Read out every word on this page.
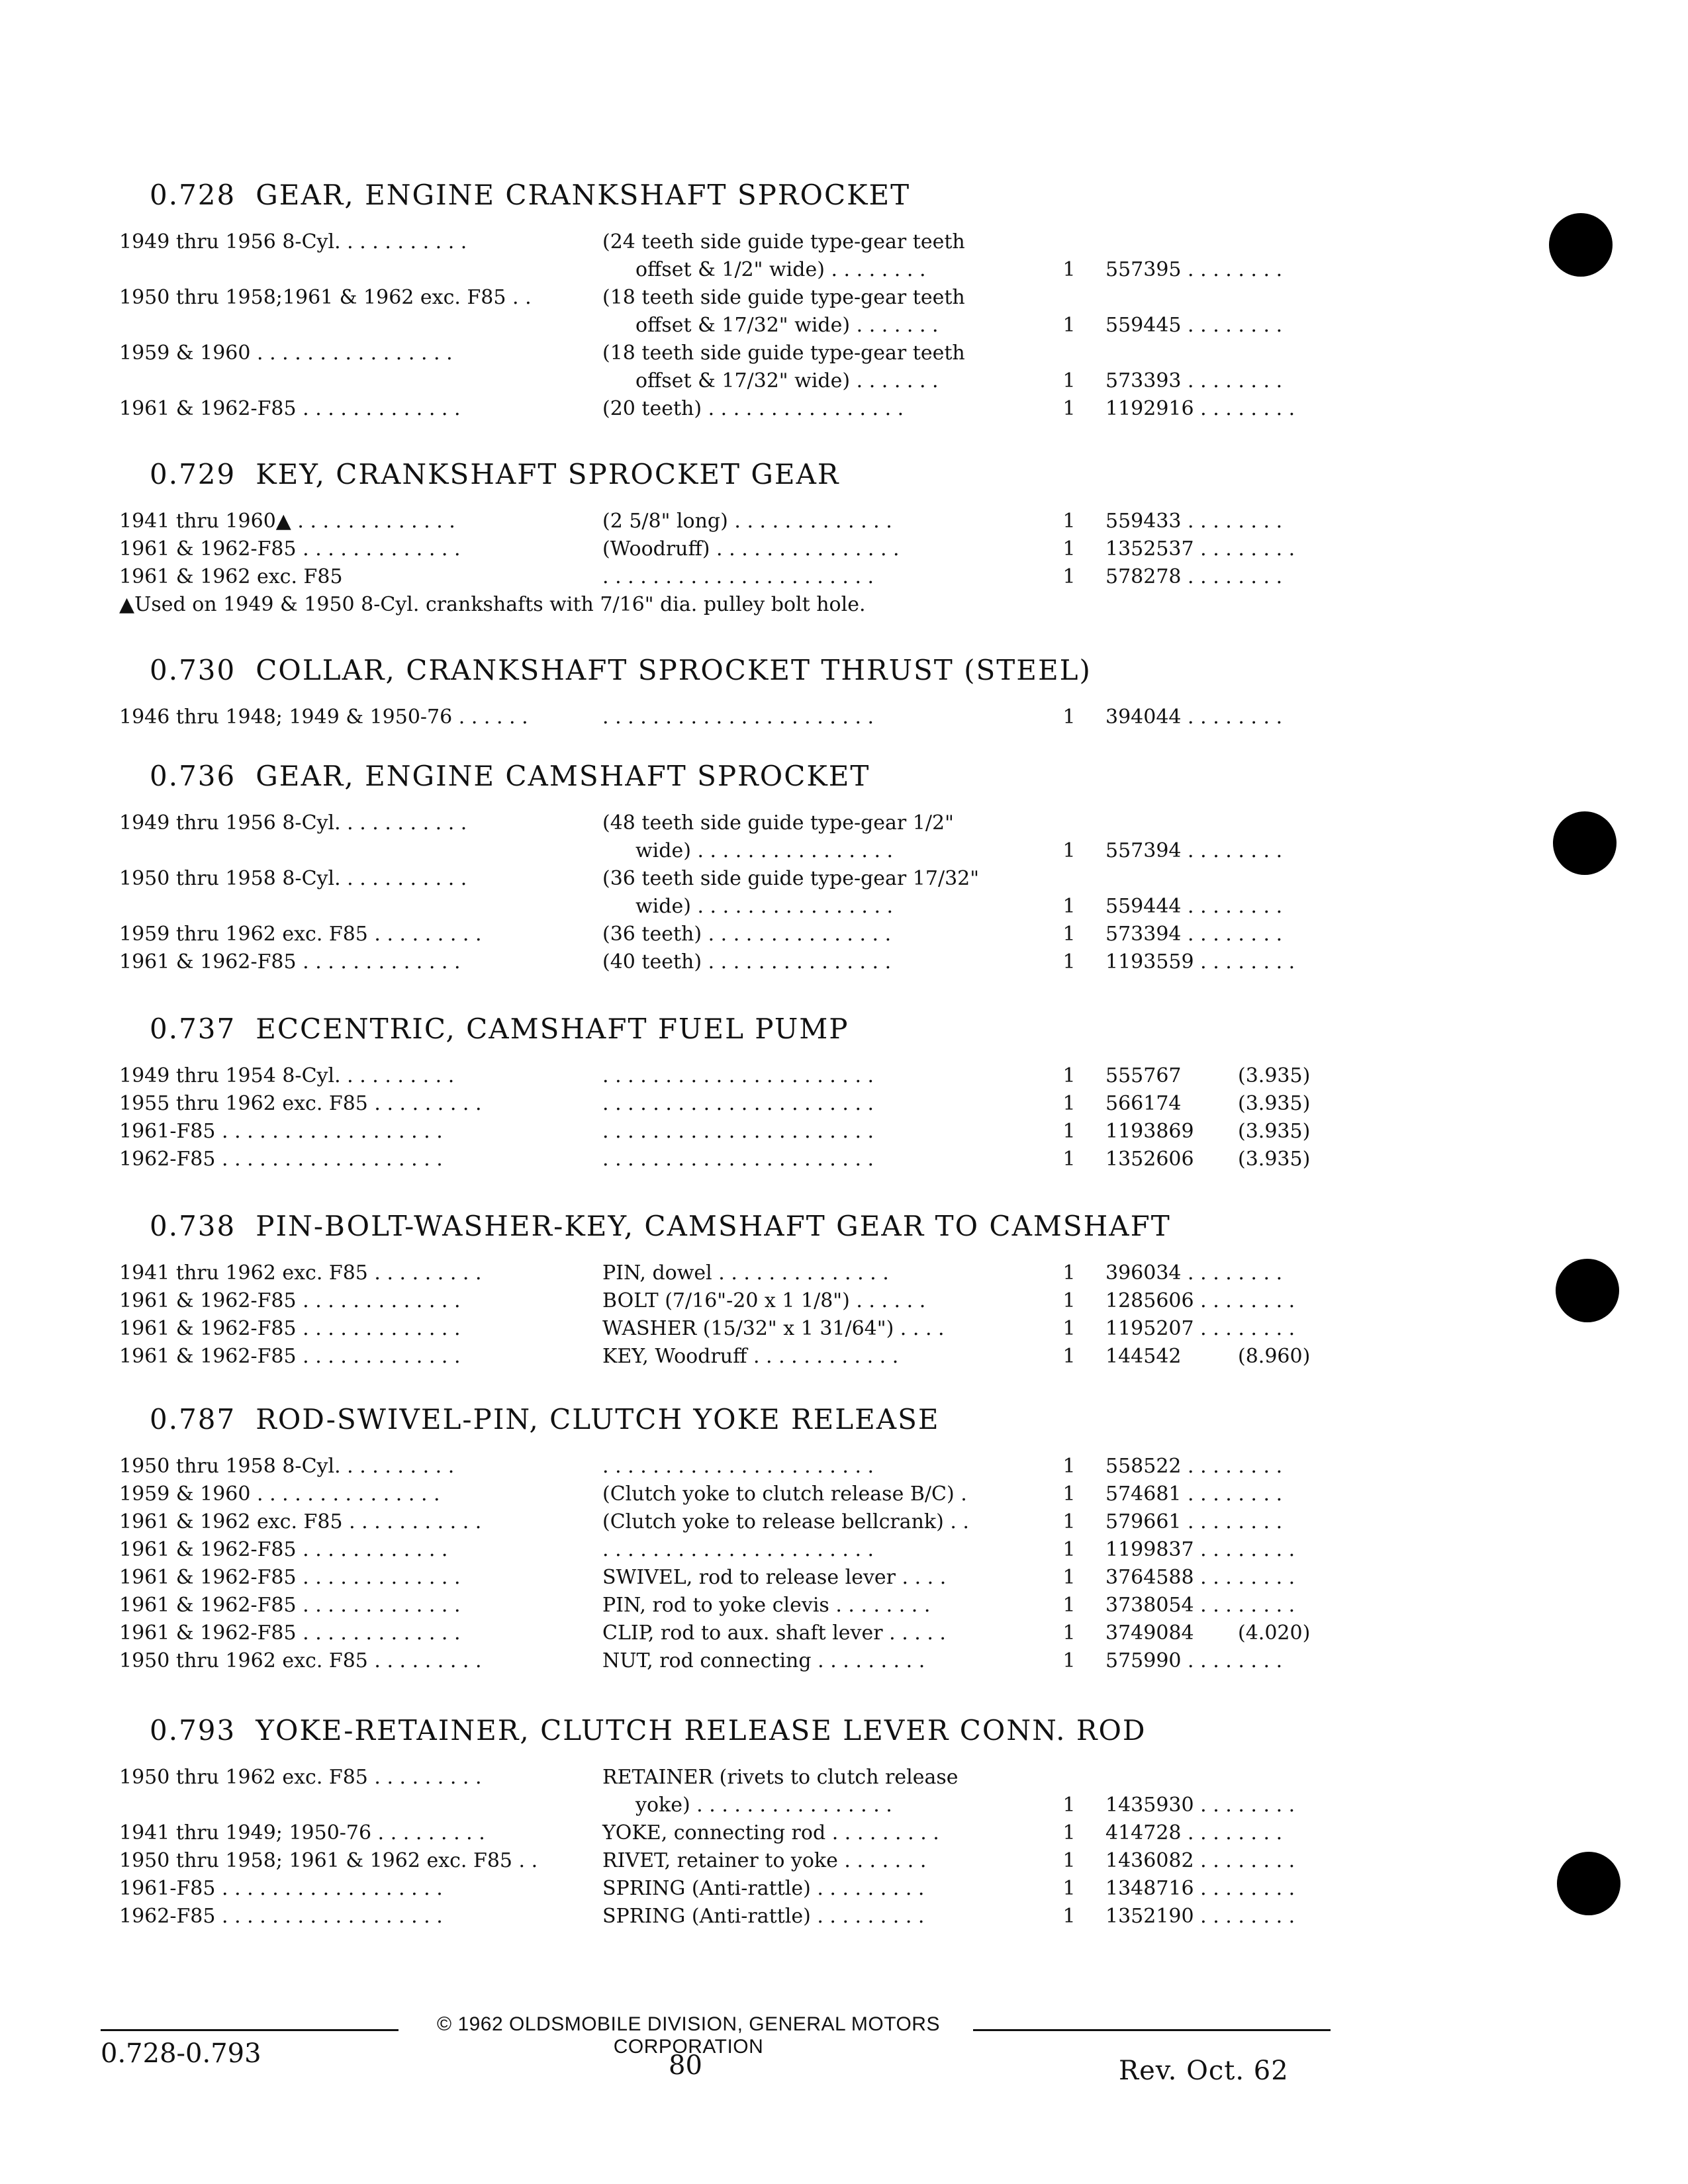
0.728 GEAR, ENGINE CRANKSHAFT SPROCKET
1949 thru 1956 8-Cyl. . . . . . . . . . .	(24 teeth side guide type-gear teeth
offset & 1/2" wide) . . . . . . . .	1	557395 . . . . . . . .
1950 thru 1958;1961 & 1962 exc. F85 . .	(18 teeth side guide type-gear teeth
offset & 17/32" wide) . . . . . . .	1	559445 . . . . . . . .
1959 & 1960 . . . . . . . . . . . . . . . .	(18 teeth side guide type-gear teeth
offset & 17/32" wide) . . . . . . .	1	573393 . . . . . . . .
1961 & 1962-F85 . . . . . . . . . . . . .	(20 teeth) . . . . . . . . . . . . . . . .	1	1192916 . . . . . . . .
0.729 KEY, CRANKSHAFT SPROCKET GEAR
1941 thru 1960▲ . . . . . . . . . . . . .	(2 5/8" long) . . . . . . . . . . . . .	1	559433 . . . . . . . .
1961 & 1962-F85 . . . . . . . . . . . . .	(Woodruff) . . . . . . . . . . . . . . .	1	1352537 . . . . . . . .
1961 & 1962 exc. F85	. . . . . . . . . . . . . . . . . . . . . .	1	578278 . . . . . . . .
▲Used on 1949 & 1950 8-Cyl. crankshafts with 7/16" dia. pulley bolt hole.
0.730 COLLAR, CRANKSHAFT SPROCKET THRUST (STEEL)
1946 thru 1948; 1949 & 1950-76 . . . . . .	. . . . . . . . . . . . . . . . . . . . . .	1	394044 . . . . . . . .
0.736 GEAR, ENGINE CAMSHAFT SPROCKET
1949 thru 1956 8-Cyl. . . . . . . . . . .	(48 teeth side guide type-gear 1/2"
wide) . . . . . . . . . . . . . . . .	1	557394 . . . . . . . .
1950 thru 1958 8-Cyl. . . . . . . . . . .	(36 teeth side guide type-gear 17/32"
wide) . . . . . . . . . . . . . . . .	1	559444 . . . . . . . .
1959 thru 1962 exc. F85 . . . . . . . . .	(36 teeth) . . . . . . . . . . . . . . .	1	573394 . . . . . . . .
1961 & 1962-F85 . . . . . . . . . . . . .	(40 teeth) . . . . . . . . . . . . . . .	1	1193559 . . . . . . . .
0.737 ECCENTRIC, CAMSHAFT FUEL PUMP
1949 thru 1954 8-Cyl. . . . . . . . . .	. . . . . . . . . . . . . . . . . . . . . .	1	555767	(3.935)
1955 thru 1962 exc. F85 . . . . . . . . .	. . . . . . . . . . . . . . . . . . . . . .	1	566174	(3.935)
1961-F85 . . . . . . . . . . . . . . . . . .	. . . . . . . . . . . . . . . . . . . . . .	1	1193869	(3.935)
1962-F85 . . . . . . . . . . . . . . . . . .	. . . . . . . . . . . . . . . . . . . . . .	1	1352606	(3.935)
0.738 PIN-BOLT-WASHER-KEY, CAMSHAFT GEAR TO CAMSHAFT
1941 thru 1962 exc. F85 . . . . . . . . .	PIN, dowel . . . . . . . . . . . . . .	1	396034 . . . . . . . .
1961 & 1962-F85 . . . . . . . . . . . . .	BOLT (7/16"-20 x 1 1/8") . . . . . .	1	1285606 . . . . . . . .
1961 & 1962-F85 . . . . . . . . . . . . .	WASHER (15/32" x 1 31/64") . . . .	1	1195207 . . . . . . . .
1961 & 1962-F85 . . . . . . . . . . . . .	KEY, Woodruff . . . . . . . . . . . .	1	144542	(8.960)
0.787 ROD-SWIVEL-PIN, CLUTCH YOKE RELEASE
1950 thru 1958 8-Cyl. . . . . . . . . .	. . . . . . . . . . . . . . . . . . . . . .	1	558522 . . . . . . . .
1959 & 1960 . . . . . . . . . . . . . . .	(Clutch yoke to clutch release B/C) .	1	574681 . . . . . . . .
1961 & 1962 exc. F85 . . . . . . . . . . .	(Clutch yoke to release bellcrank) . .	1	579661 . . . . . . . .
1961 & 1962-F85 . . . . . . . . . . . .	. . . . . . . . . . . . . . . . . . . . . .	1	1199837 . . . . . . . .
1961 & 1962-F85 . . . . . . . . . . . . .	SWIVEL, rod to release lever . . . .	1	3764588 . . . . . . . .
1961 & 1962-F85 . . . . . . . . . . . . .	PIN, rod to yoke clevis . . . . . . . .	1	3738054 . . . . . . . .
1961 & 1962-F85 . . . . . . . . . . . . .	CLIP, rod to aux. shaft lever . . . . .	1	3749084	(4.020)
1950 thru 1962 exc. F85 . . . . . . . . .	NUT, rod connecting . . . . . . . . .	1	575990 . . . . . . . .
0.793 YOKE-RETAINER, CLUTCH RELEASE LEVER CONN. ROD
1950 thru 1962 exc. F85 . . . . . . . . .	RETAINER (rivets to clutch release
yoke) . . . . . . . . . . . . . . . .	1	1435930 . . . . . . . .
1941 thru 1949; 1950-76 . . . . . . . . .	YOKE, connecting rod . . . . . . . . .	1	414728 . . . . . . . .
1950 thru 1958; 1961 & 1962 exc. F85 . .	RIVET, retainer to yoke . . . . . . .	1	1436082 . . . . . . . .
1961-F85 . . . . . . . . . . . . . . . . . .	SPRING (Anti-rattle) . . . . . . . . .	1	1348716 . . . . . . . .
1962-F85 . . . . . . . . . . . . . . . . . .	SPRING (Anti-rattle) . . . . . . . . .	1	1352190 . . . . . . . .
© 1962 OLDSMOBILE DIVISION, GENERAL MOTORS CORPORATION
0.728-0.793	80	Rev. Oct. 62
